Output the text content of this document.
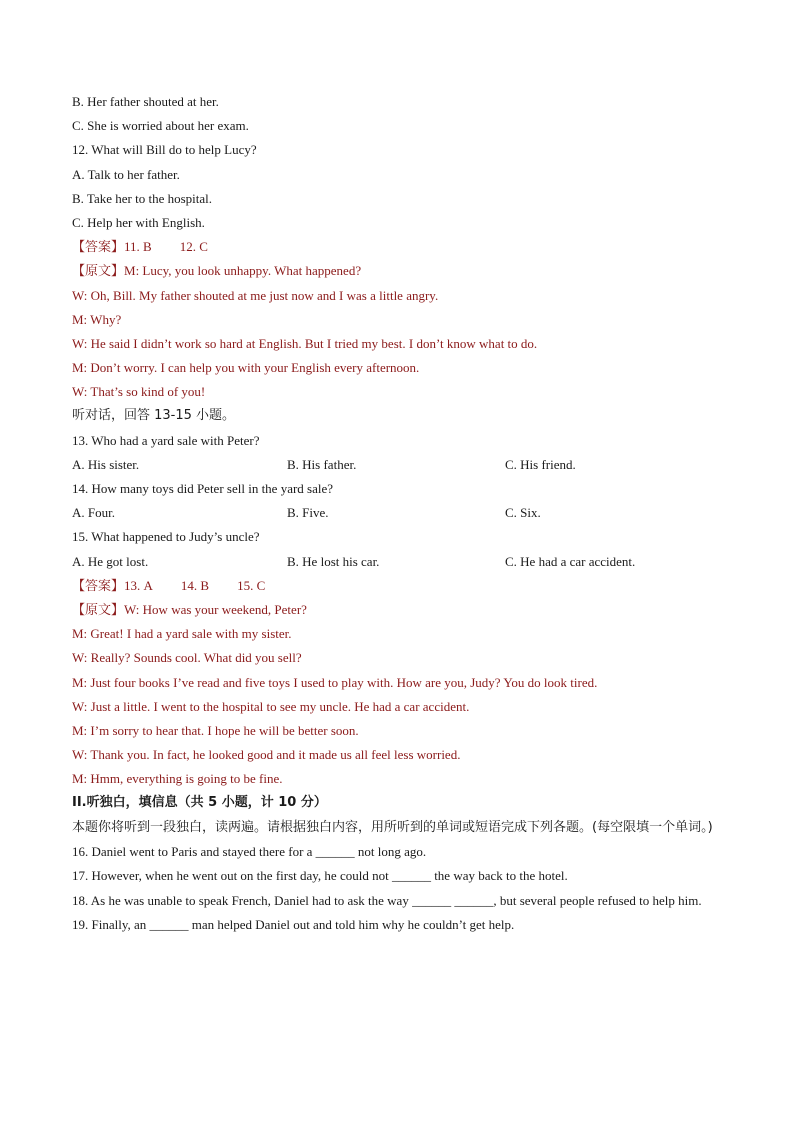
B. Her father shouted at her.
C. She is worried about her exam.
12. What will Bill do to help Lucy?
A. Talk to her father.
B. Take her to the hospital.
C. Help her with English.
【答案】11. B 12. C
【原文】M: Lucy, you look unhappy. What happened?
W: Oh, Bill. My father shouted at me just now and I was a little angry.
M: Why?
W: He said I didn’t work so hard at English. But I tried my best. I don’t know what to do.
M: Don’t worry. I can help you with your English every afternoon.
W: That’s so kind of you!
听对话，回答 13-15 小题。
13. Who had a yard sale with Peter?
A. His sister.	B. His father.	C. His friend.
14. How many toys did Peter sell in the yard sale?
A. Four.	B. Five.	C. Six.
15. What happened to Judy’s uncle?
A. He got lost.	B. He lost his car.	C. He had a car accident.
【答案】13. A 14. B 15. C
【原文】W: How was your weekend, Peter?
M: Great! I had a yard sale with my sister.
W: Really? Sounds cool. What did you sell?
M: Just four books I’ve read and five toys I used to play with. How are you, Judy? You do look tired.
W: Just a little. I went to the hospital to see my uncle. He had a car accident.
M: I’m sorry to hear that. I hope he will be better soon.
W: Thank you. In fact, he looked good and it made us all feel less worried.
M: Hmm, everything is going to be fine.
II.听独白，填信息（共 5 小题，计 10 分）
本题你将听到一段独白，读两遍。请根据独白内容，用所听到的单词或短语完成下列各题。(每空限填一个单词。)
16. Daniel went to Paris and stayed there for a ______ not long ago.
17. However, when he went out on the first day, he could not ______ the way back to the hotel.
18. As he was unable to speak French, Daniel had to ask the way ______ ______, but several people refused to help him.
19. Finally, an ______ man helped Daniel out and told him why he couldn’t get help.
